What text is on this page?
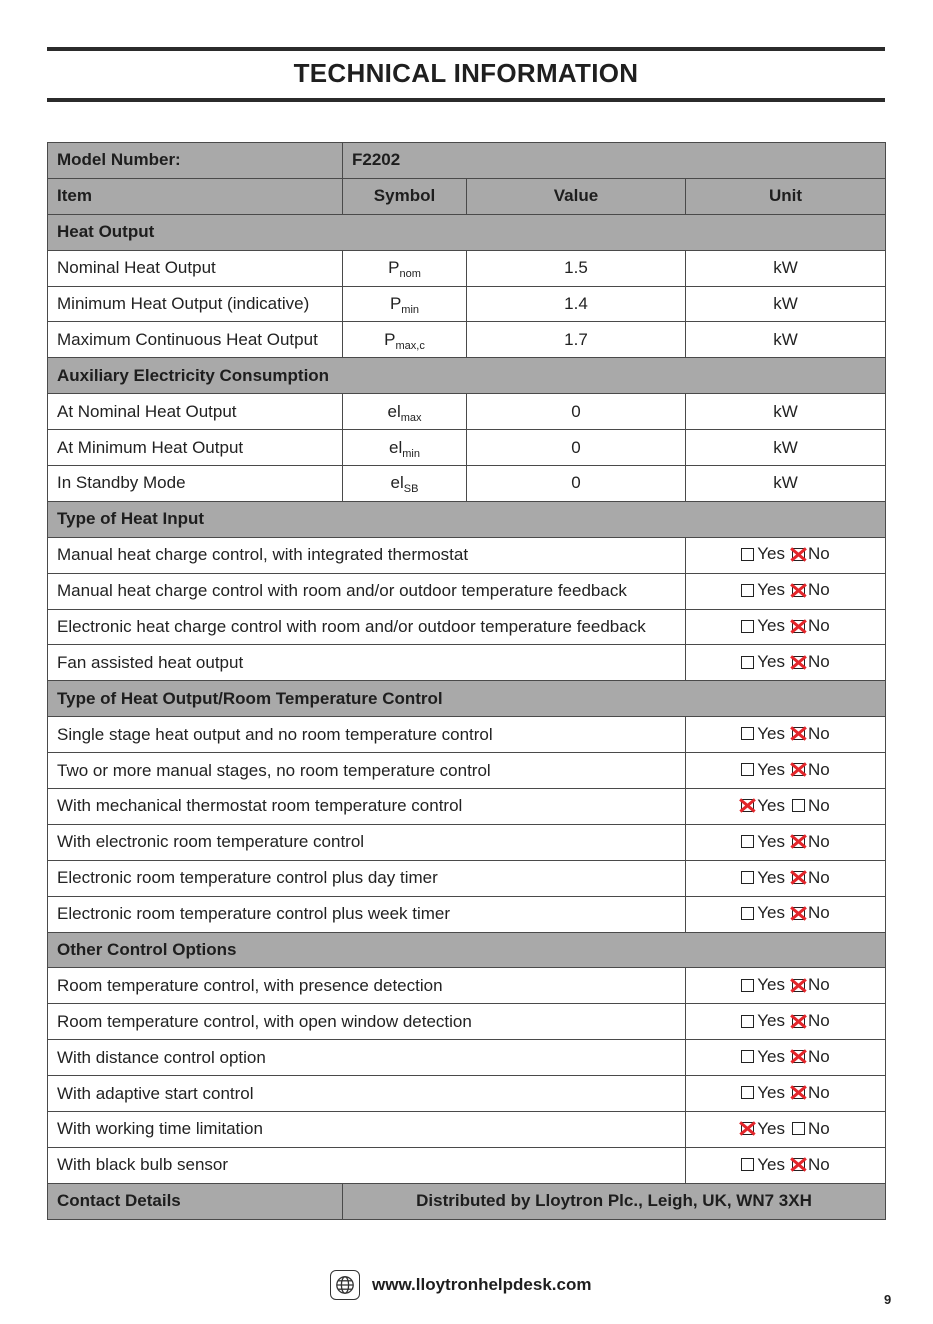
TECHNICAL INFORMATION
Model Number:	F2202		
Item	Symbol	Value	Unit
Heat Output			
Nominal Heat Output	$P_{nom}$	1.5	kW
Minimum Heat Output (indicative)	$P_{min}$	1.4	kW
Maximum Continuous Heat Output	$P_{max,c}$	1.7	kW
Auxiliary Electricity Consumption			
At Nominal Heat Output	$el_{max}$	0	kW
At Minimum Heat Output	$el_{min}$	0	kW
In Standby Mode	$el_{SB}$	0	kW
Type of Heat Input			
Manual heat charge control, with integrated thermostat			Yes No

Manual heat charge control with room and/or outdoor temperature feedback			Yes No

Electronic heat charge control with room and/or outdoor temperature feedback			Yes No

Fan assisted heat output			Yes No

Type of Heat Output/Room Temperature Control			
Single stage heat output and no room temperature control			Yes No

Two or more manual stages, no room temperature control			Yes No

With mechanical thermostat room temperature control			Yes No

With electronic room temperature control			Yes No

Electronic room temperature control plus day timer			Yes No

Electronic room temperature control plus week timer			Yes No

Other Control Options			
Room temperature control, with presence detection			Yes No

Room temperature control, with open window detection			Yes No

With distance control option			Yes No

With adaptive start control			Yes No

With working time limitation			Yes No

With black bulb sensor			Yes No

Contact Details	Distributed by Lloytron Plc., Leigh, UK, WN7 3XH		
www.lloytronhelpdesk.com
9
